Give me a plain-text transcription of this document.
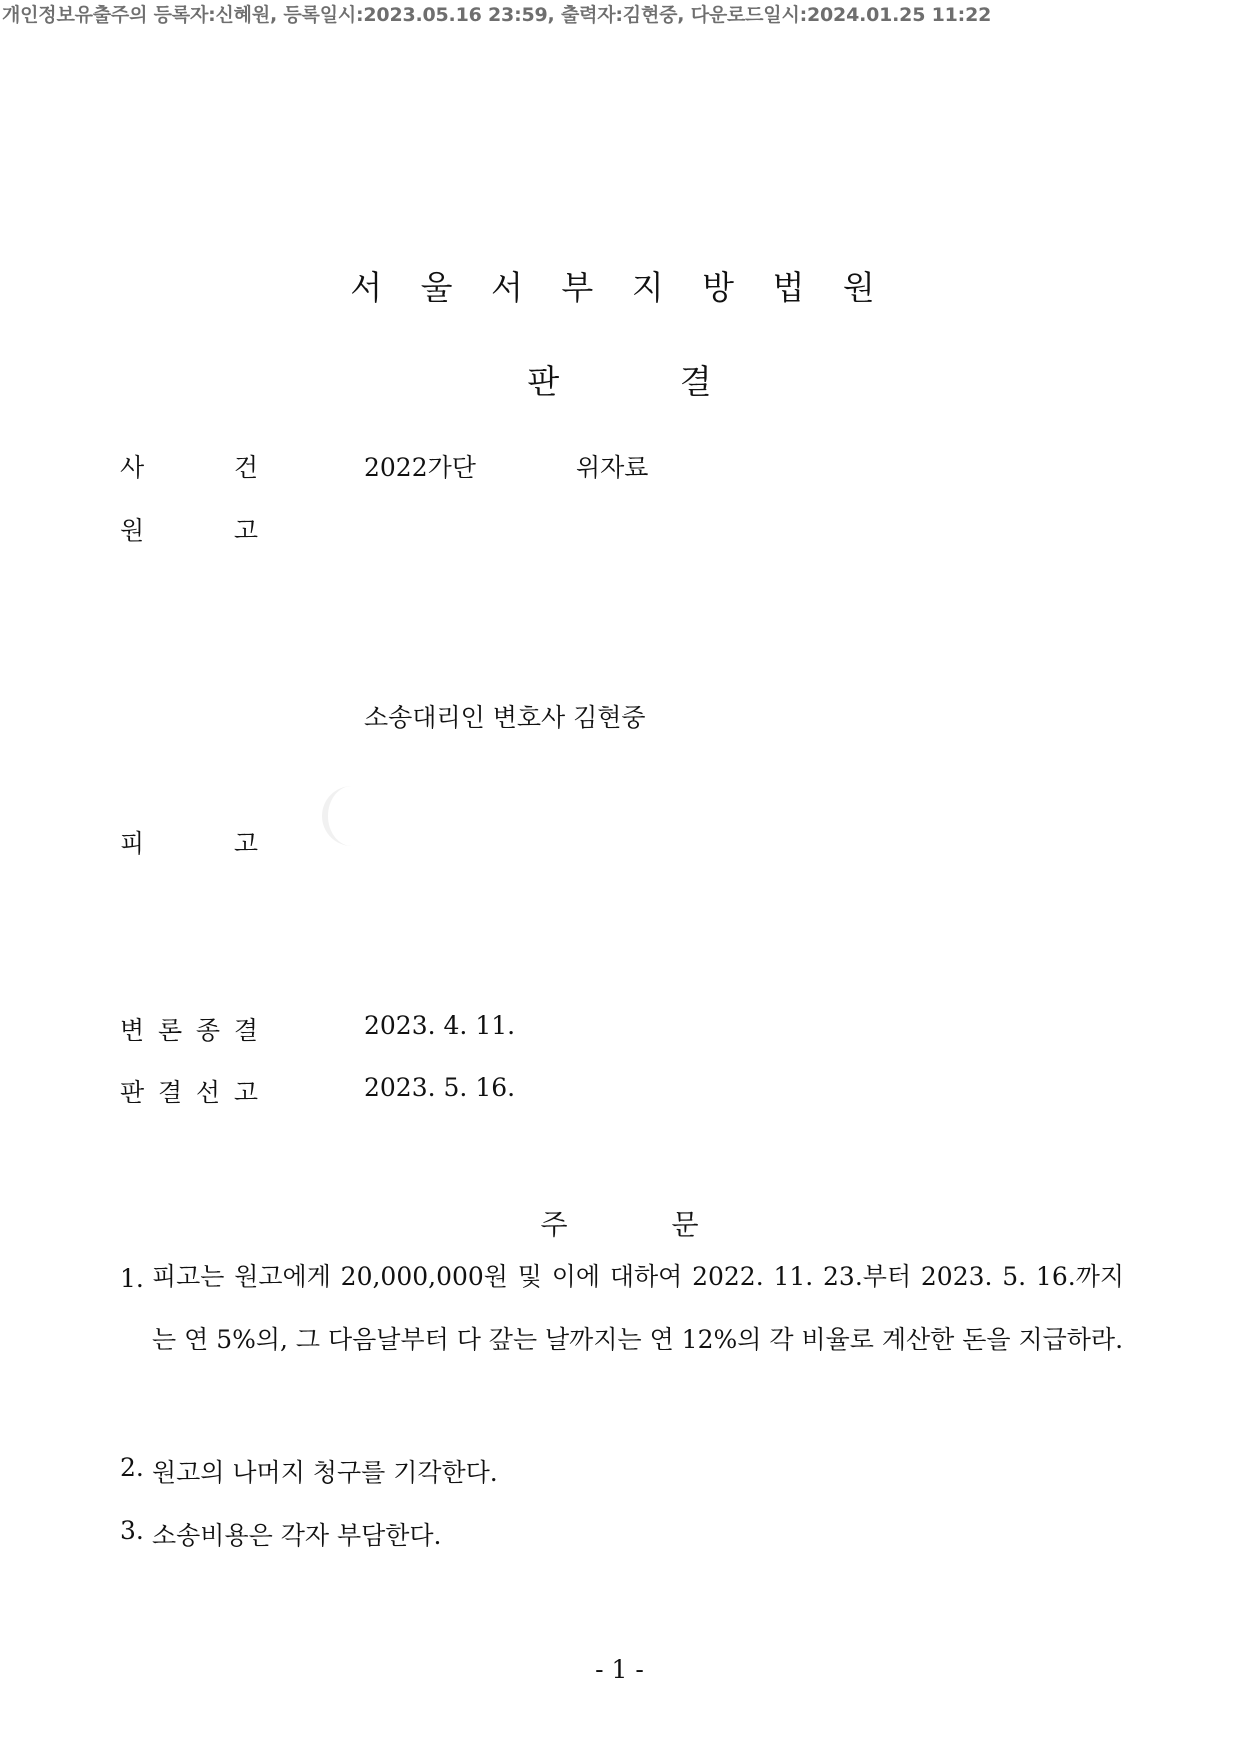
개인정보유출주의 등록자:신혜원, 등록일시:2023.05.16 23:59, 출력자:김현중, 다운로드일시:2024.01.25 11:22
서 울 서 부 지 방 법 원
판 결
사	건	2022가단	위자료
원	고
소송대리인 변호사 김현중
피	고
변 론 종 결	2023. 4. 11.
판 결 선 고	2023. 5. 16.
주 문
1. 피고는 원고에게 20,000,000원 및 이에 대하여 2022. 11. 23.부터 2023. 5. 16.까지는 연 5%의, 그 다음날부터 다 갚는 날까지는 연 12%의 각 비율로 계산한 돈을 지급하라.
2. 원고의 나머지 청구를 기각한다.
3. 소송비용은 각자 부담한다.
- 1 -
